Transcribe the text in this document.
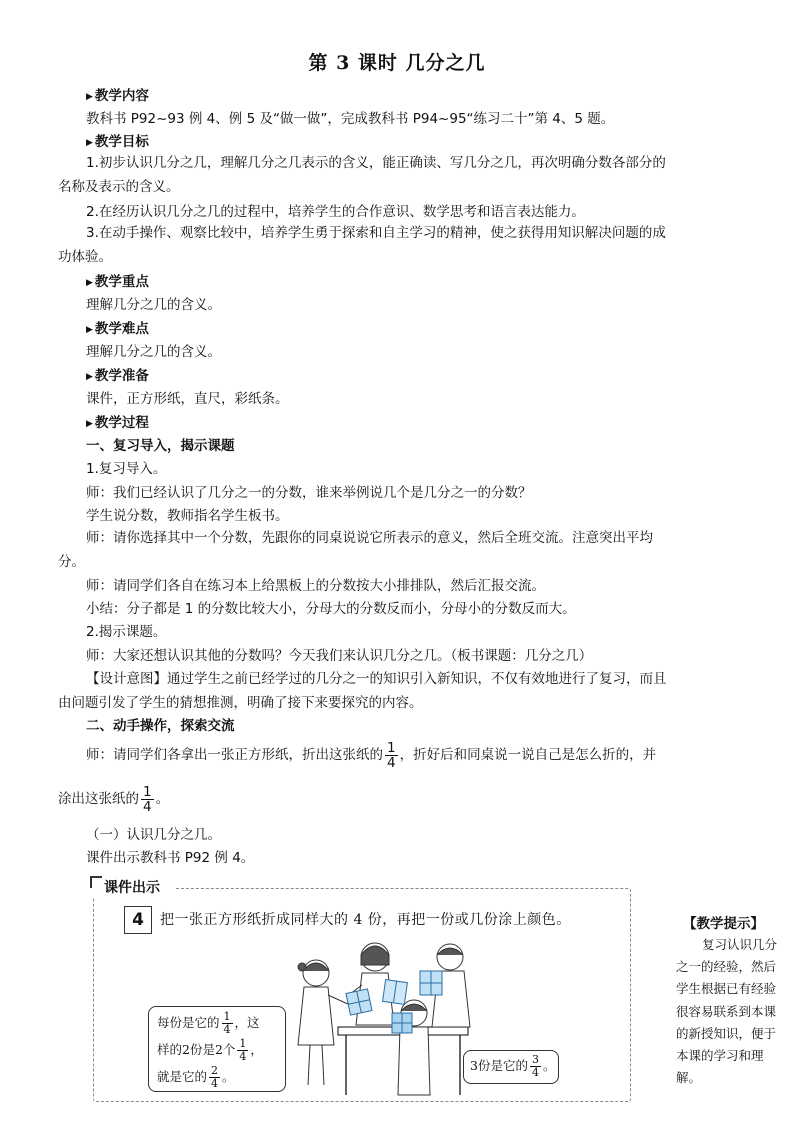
第 3 课时 几分之几
▶ 教学内容
教科书 P92~93 例 4、例 5 及“做一做”，完成教科书 P94~95“练习二十”第 4、5 题。
▶ 教学目标
1.初步认识几分之几，理解几分之几表示的含义，能正确读、写几分之几，再次明确分数各部分的名称及表示的含义。
2.在经历认识几分之几的过程中，培养学生的合作意识、数学思考和语言表达能力。
3.在动手操作、观察比较中，培养学生勇于探索和自主学习的精神，使之获得用知识解决问题的成功体验。
▶ 教学重点
理解几分之几的含义。
▶ 教学难点
理解几分之几的含义。
▶ 教学准备
课件，正方形纸，直尺，彩纸条。
▶ 教学过程
一、复习导入，揭示课题
1.复习导入。
师：我们已经认识了几分之一的分数，谁来举例说几个是几分之一的分数？
学生说分数，教师指名学生板书。
师：请你选择其中一个分数，先跟你的同桌说说它所表示的意义，然后全班交流。注意突出平均分。
师：请同学们各自在练习本上给黑板上的分数按大小排排队，然后汇报交流。
小结：分子都是 1 的分数比较大小，分母大的分数反而小，分母小的分数反而大。
2.揭示课题。
师：大家还想认识其他的分数吗？今天我们来认识几分之几。（板书课题：几分之几）
【设计意图】通过学生之前已经学过的几分之一的知识引入新知识，不仅有效地进行了复习，而且由问题引发了学生的猜想推测，明确了接下来要探究的内容。
二、动手操作，探索交流
师：请同学们各拿出一张正方形纸，折出这张纸的 $\frac{1}{4}$ ，折好后和同桌说一说自己是怎么折的，并
涂出这张纸的 $\frac{1}{4}$ 。
（一）认识几分之几。
课件出示教科书 P92 例 4。
课件出示
4	把一张正方形纸折成同样大的 4 份，再把一份或几份涂上颜色。
每份是它的 $\frac{1}{4}$ ，这
样的2份是2个 $\frac{1}{4}$ ，
就是它的 $\frac{2}{4}$ 。
3份是它的 $\frac{3}{4}$ 。
【教学提示】
复习认识几分之一的经验，然后学生根据已有经验很容易联系到本课的新授知识，便于本课的学习和理解。
